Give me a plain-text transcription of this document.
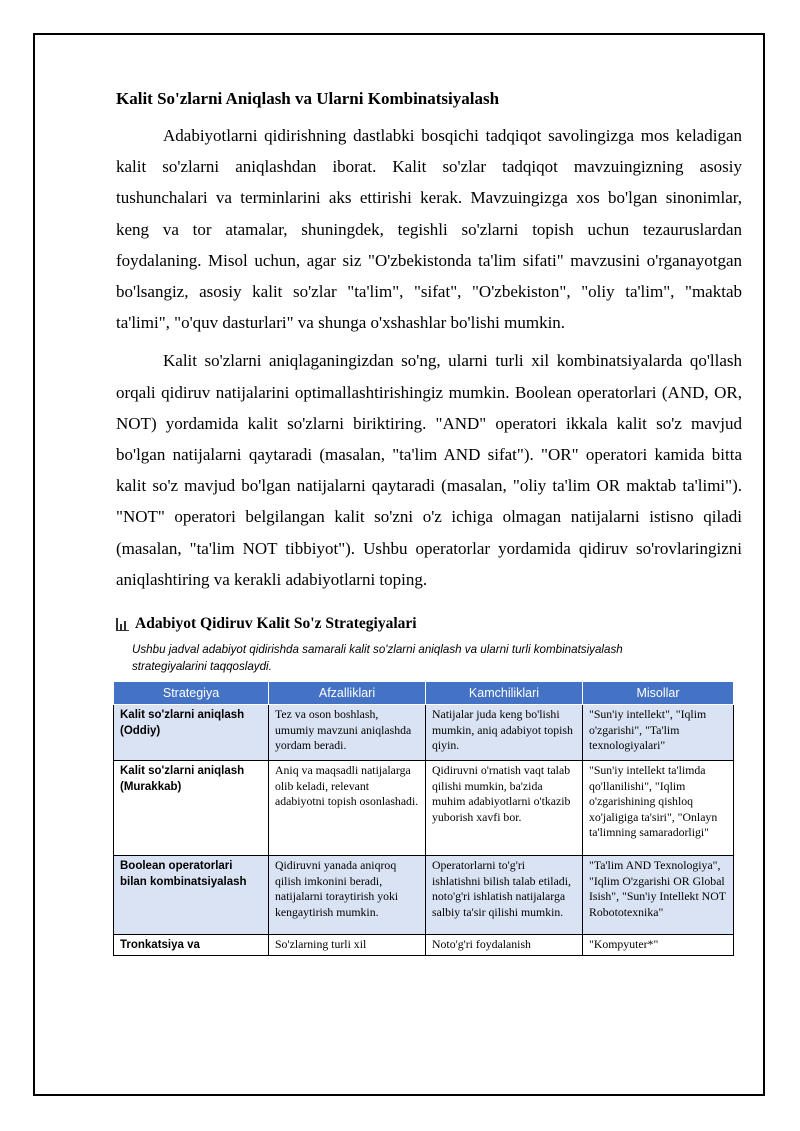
Kalit So'zlarni Aniqlash va Ularni Kombinatsiyalash

Adabiyotlarni qidirishning dastlabki bosqichi tadqiqot savolingizga mos keladigan kalit so'zlarni aniqlashdan iborat. Kalit so'zlar tadqiqot mavzuingizning asosiy tushunchalari va terminlarini aks ettirishi kerak. Mavzuingizga xos bo'lgan sinonimlar, keng va tor atamalar, shuningdek, tegishli so'zlarni topish uchun tezauruslardan foydalaning. Misol uchun, agar siz "O'zbekistonda ta'lim sifati" mavzusini o'rganayotgan bo'lsangiz, asosiy kalit so'zlar "ta'lim", "sifat", "O'zbekiston", "oliy ta'lim", "maktab ta'limi", "o'quv dasturlari" va shunga o'xshashlar bo'lishi mumkin.

Kalit so'zlarni aniqlaganingizdan so'ng, ularni turli xil kombinatsiyalarda qo'llash orqali qidiruv natijalarini optimallashtirishingiz mumkin. Boolean operatorlari (AND, OR, NOT) yordamida kalit so'zlarni biriktiring. "AND" operatori ikkala kalit so'z mavjud bo'lgan natijalarni qaytaradi (masalan, "ta'lim AND sifat"). "OR" operatori kamida bitta kalit so'z mavjud bo'lgan natijalarni qaytaradi (masalan, "oliy ta'lim OR maktab ta'limi"). "NOT" operatori belgilangan kalit so'zni o'z ichiga olmagan natijalarni istisno qiladi (masalan, "ta'lim NOT tibbiyot"). Ushbu operatorlar yordamida qidiruv so'rovlaringizni aniqlashtiring va kerakli adabiyotlarni toping.

Adabiyot Qidiruv Kalit So'z Strategiyalari
Ushbu jadval adabiyot qidirishda samarali kalit so'zlarni aniqlash va ularni turli kombinatsiyalash strategiyalarini taqqoslaydi.
Strategiya	Afzalliklari	Kamchiliklari	Misollar
Kalit so'zlarni aniqlash (Oddiy)	Tez va oson boshlash, umumiy mavzuni aniqlashda yordam beradi.	Natijalar juda keng bo'lishi mumkin, aniq adabiyot topish qiyin.	"Sun'iy intellekt", "Iqlim o'zgarishi", "Ta'lim texnologiyalari"
Kalit so'zlarni aniqlash (Murakkab)	Aniq va maqsadli natijalarga olib keladi, relevant adabiyotni topish osonlashadi.	Qidiruvni o'rnatish vaqt talab qilishi mumkin, ba'zida muhim adabiyotlarni o'tkazib yuborish xavfi bor.	"Sun'iy intellekt ta'limda qo'llanilishi", "Iqlim o'zgarishining qishloq xo'jaligiga ta'siri", "Onlayn ta'limning samaradorligi"
Boolean operatorlari bilan kombinatsiyalash	Qidiruvni yanada aniqroq qilish imkonini beradi, natijalarni toraytirish yoki kengaytirish mumkin.	Operatorlarni to'g'ri ishlatishni bilish talab etiladi, noto'g'ri ishlatish natijalarga salbiy ta'sir qilishi mumkin.	"Ta'lim AND Texnologiya", "Iqlim O'zgarishi OR Global Isish", "Sun'iy Intellekt NOT Robototexnika"
Tronkatsiya va	So'zlarning turli xil	Noto'g'ri foydalanish	"Kompyuter*"
